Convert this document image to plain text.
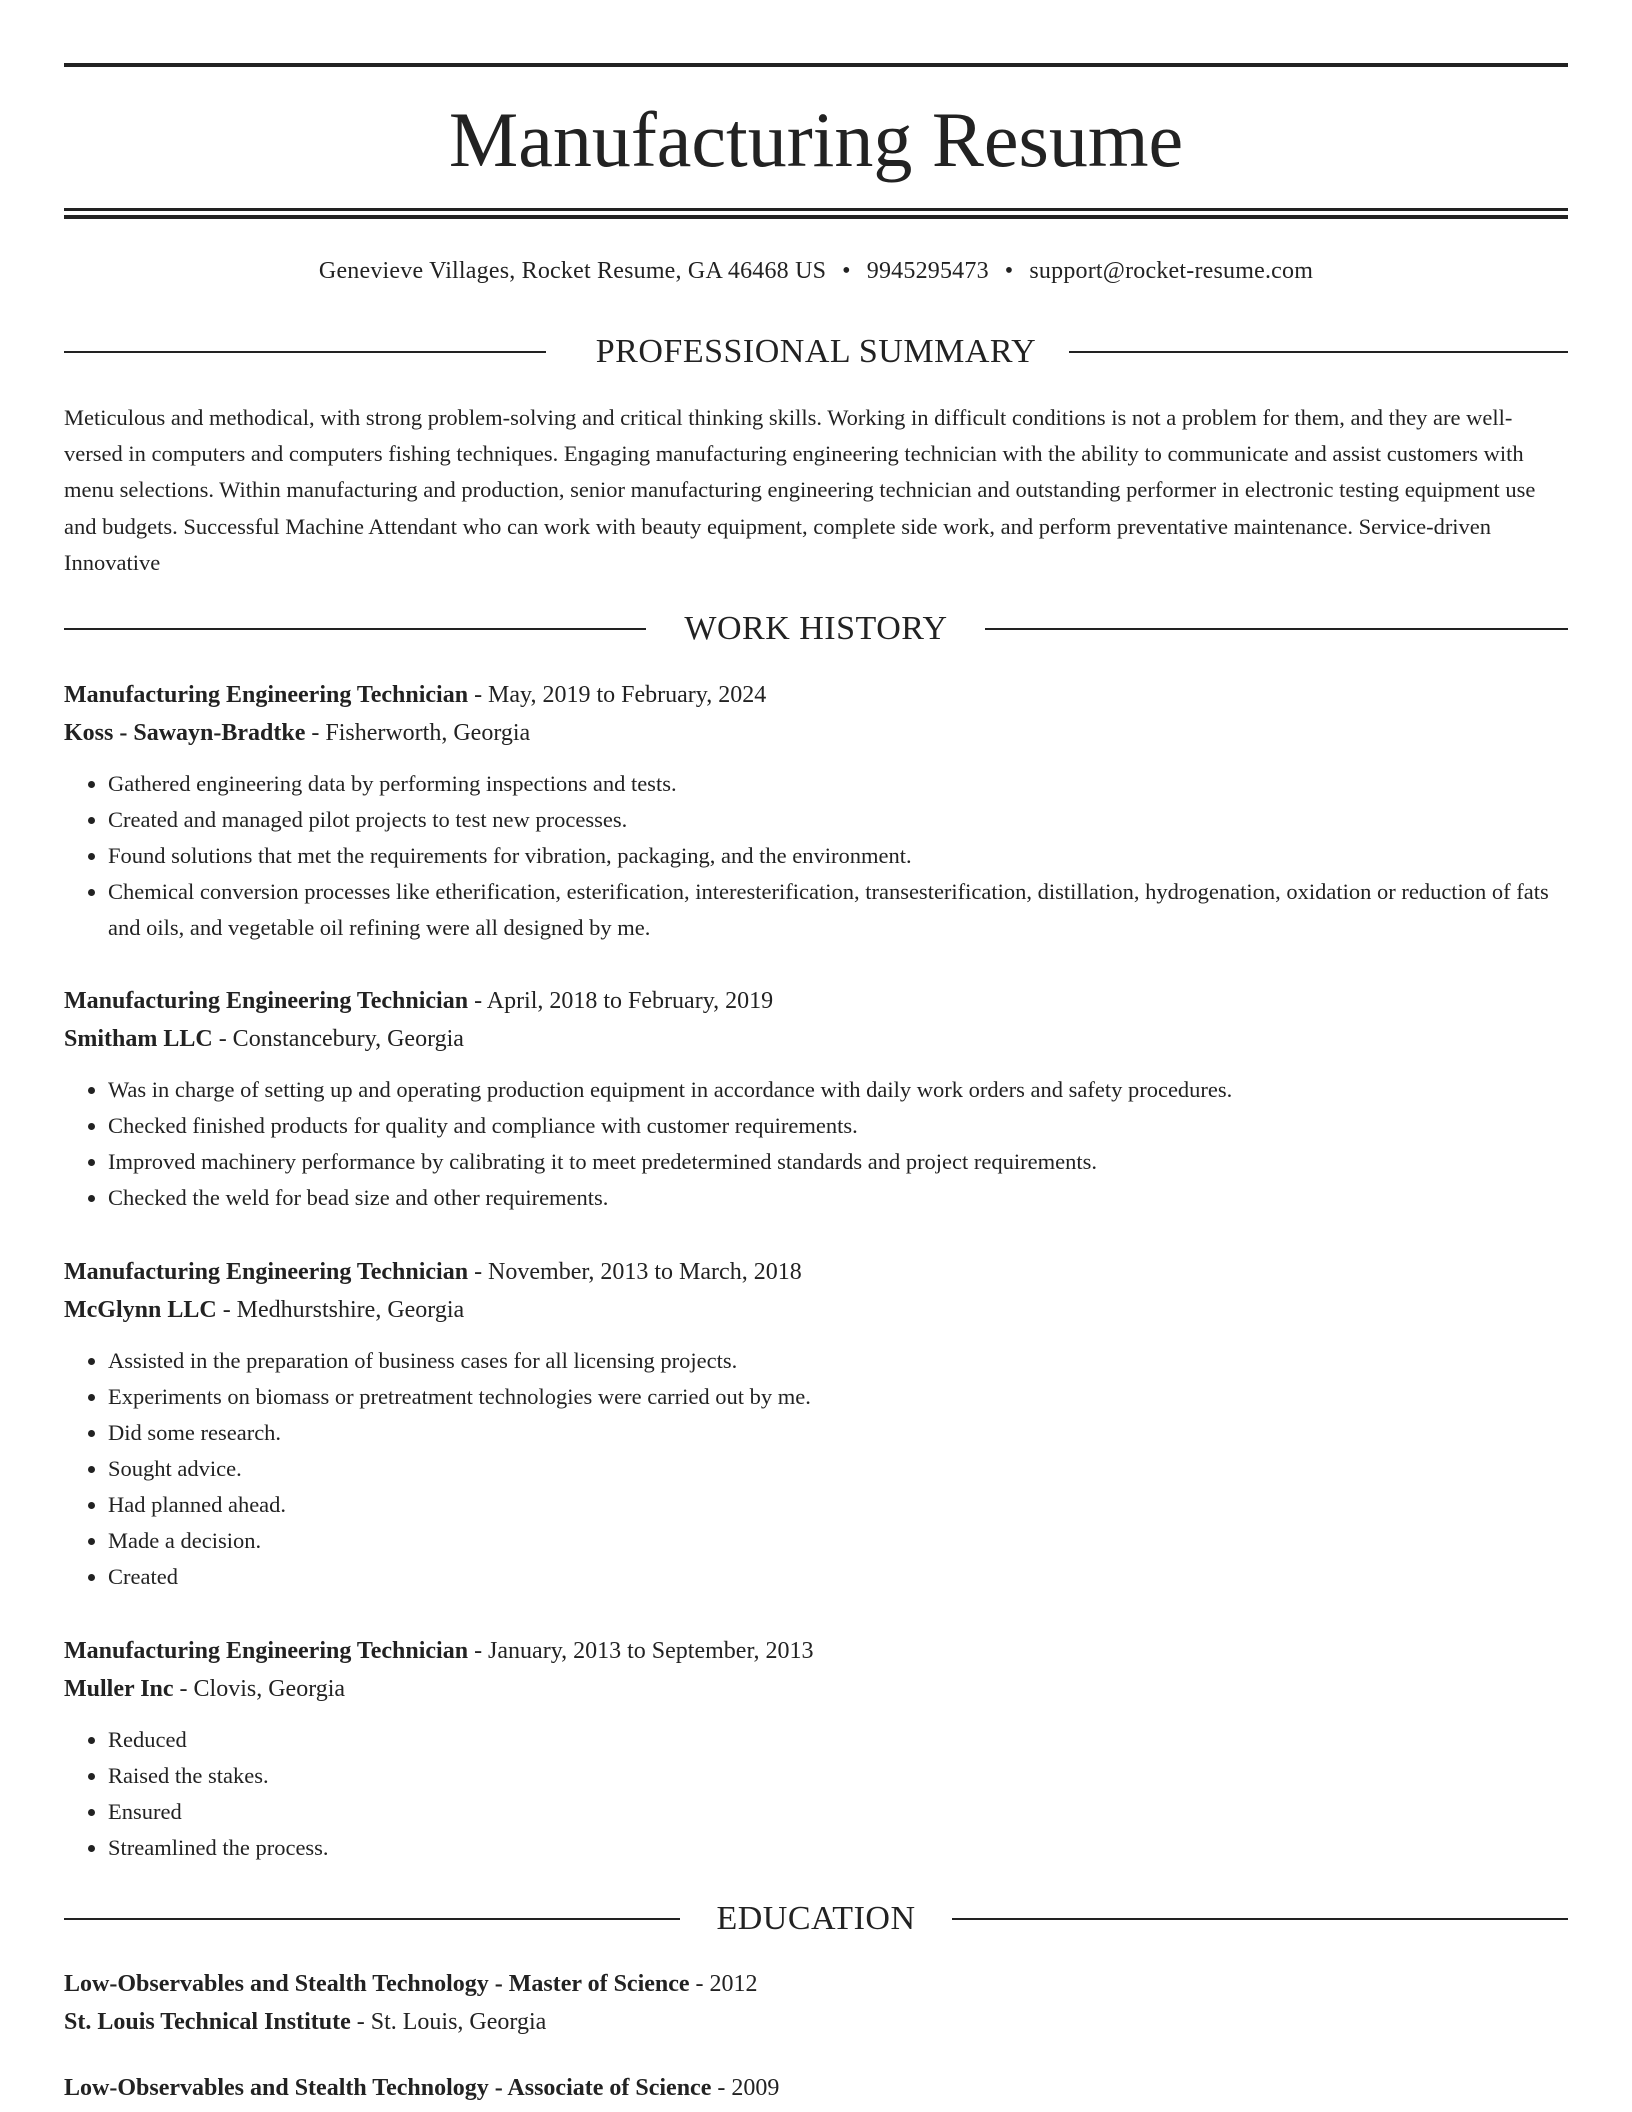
Manufacturing Resume
Genevieve Villages, Rocket Resume, GA 46468 US • 9945295473 • support@rocket-resume.com
PROFESSIONAL SUMMARY
Meticulous and methodical, with strong problem-solving and critical thinking skills. Working in difficult conditions is not a problem for them, and they are well-versed in computers and computers fishing techniques. Engaging manufacturing engineering technician with the ability to communicate and assist customers with menu selections. Within manufacturing and production, senior manufacturing engineering technician and outstanding performer in electronic testing equipment use and budgets. Successful Machine Attendant who can work with beauty equipment, complete side work, and perform preventative maintenance. Service-driven Innovative
WORK HISTORY
Manufacturing Engineering Technician - May, 2019 to February, 2024
Koss - Sawayn-Bradtke - Fisherworth, Georgia
• Gathered engineering data by performing inspections and tests.
• Created and managed pilot projects to test new processes.
• Found solutions that met the requirements for vibration, packaging, and the environment.
• Chemical conversion processes like etherification, esterification, interesterification, transesterification, distillation, hydrogenation, oxidation or reduction of fats and oils, and vegetable oil refining were all designed by me.
Manufacturing Engineering Technician - April, 2018 to February, 2019
Smitham LLC - Constancebury, Georgia
• Was in charge of setting up and operating production equipment in accordance with daily work orders and safety procedures.
• Checked finished products for quality and compliance with customer requirements.
• Improved machinery performance by calibrating it to meet predetermined standards and project requirements.
• Checked the weld for bead size and other requirements.
Manufacturing Engineering Technician - November, 2013 to March, 2018
McGlynn LLC - Medhurstshire, Georgia
• Assisted in the preparation of business cases for all licensing projects.
• Experiments on biomass or pretreatment technologies were carried out by me.
• Did some research.
• Sought advice.
• Had planned ahead.
• Made a decision.
• Created
Manufacturing Engineering Technician - January, 2013 to September, 2013
Muller Inc - Clovis, Georgia
• Reduced
• Raised the stakes.
• Ensured
• Streamlined the process.
EDUCATION
Low-Observables and Stealth Technology - Master of Science - 2012
St. Louis Technical Institute - St. Louis, Georgia
Low-Observables and Stealth Technology - Associate of Science - 2009
